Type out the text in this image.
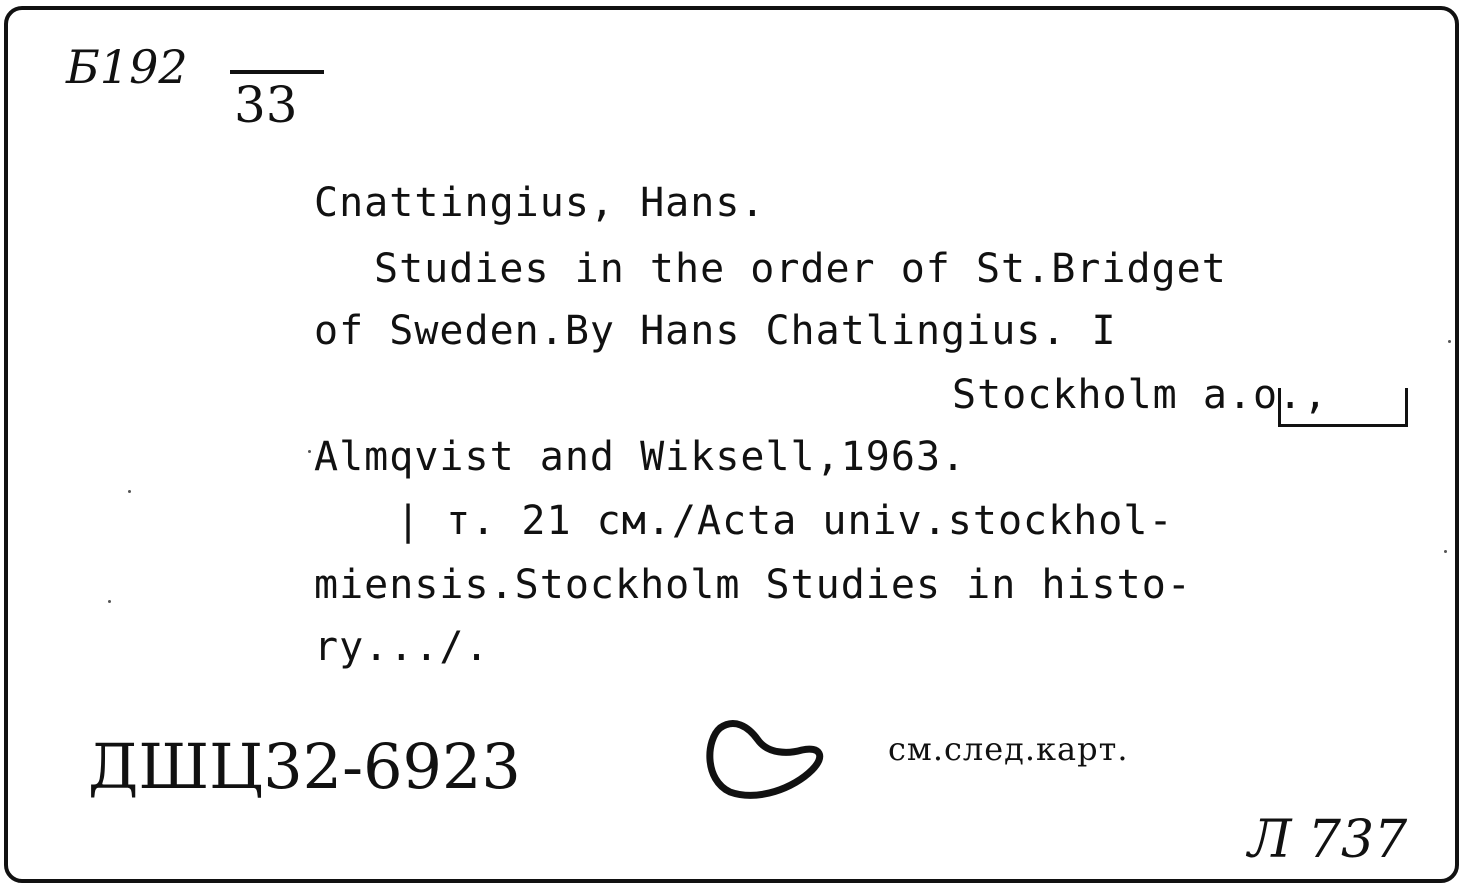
Б192
33
Cnattingius, Hans.
Studies in the order of St.Bridget
of Sweden.By Hans Chatlingius. I
Stockholm a.o.,
Almqvist and Wiksell,1963.
| т. 21 см./Acta univ.stockhol-
miensis.Stockholm Studies in histo-
ry.../.
ДШЦ32-6923	см.след.карт.
Л 737
